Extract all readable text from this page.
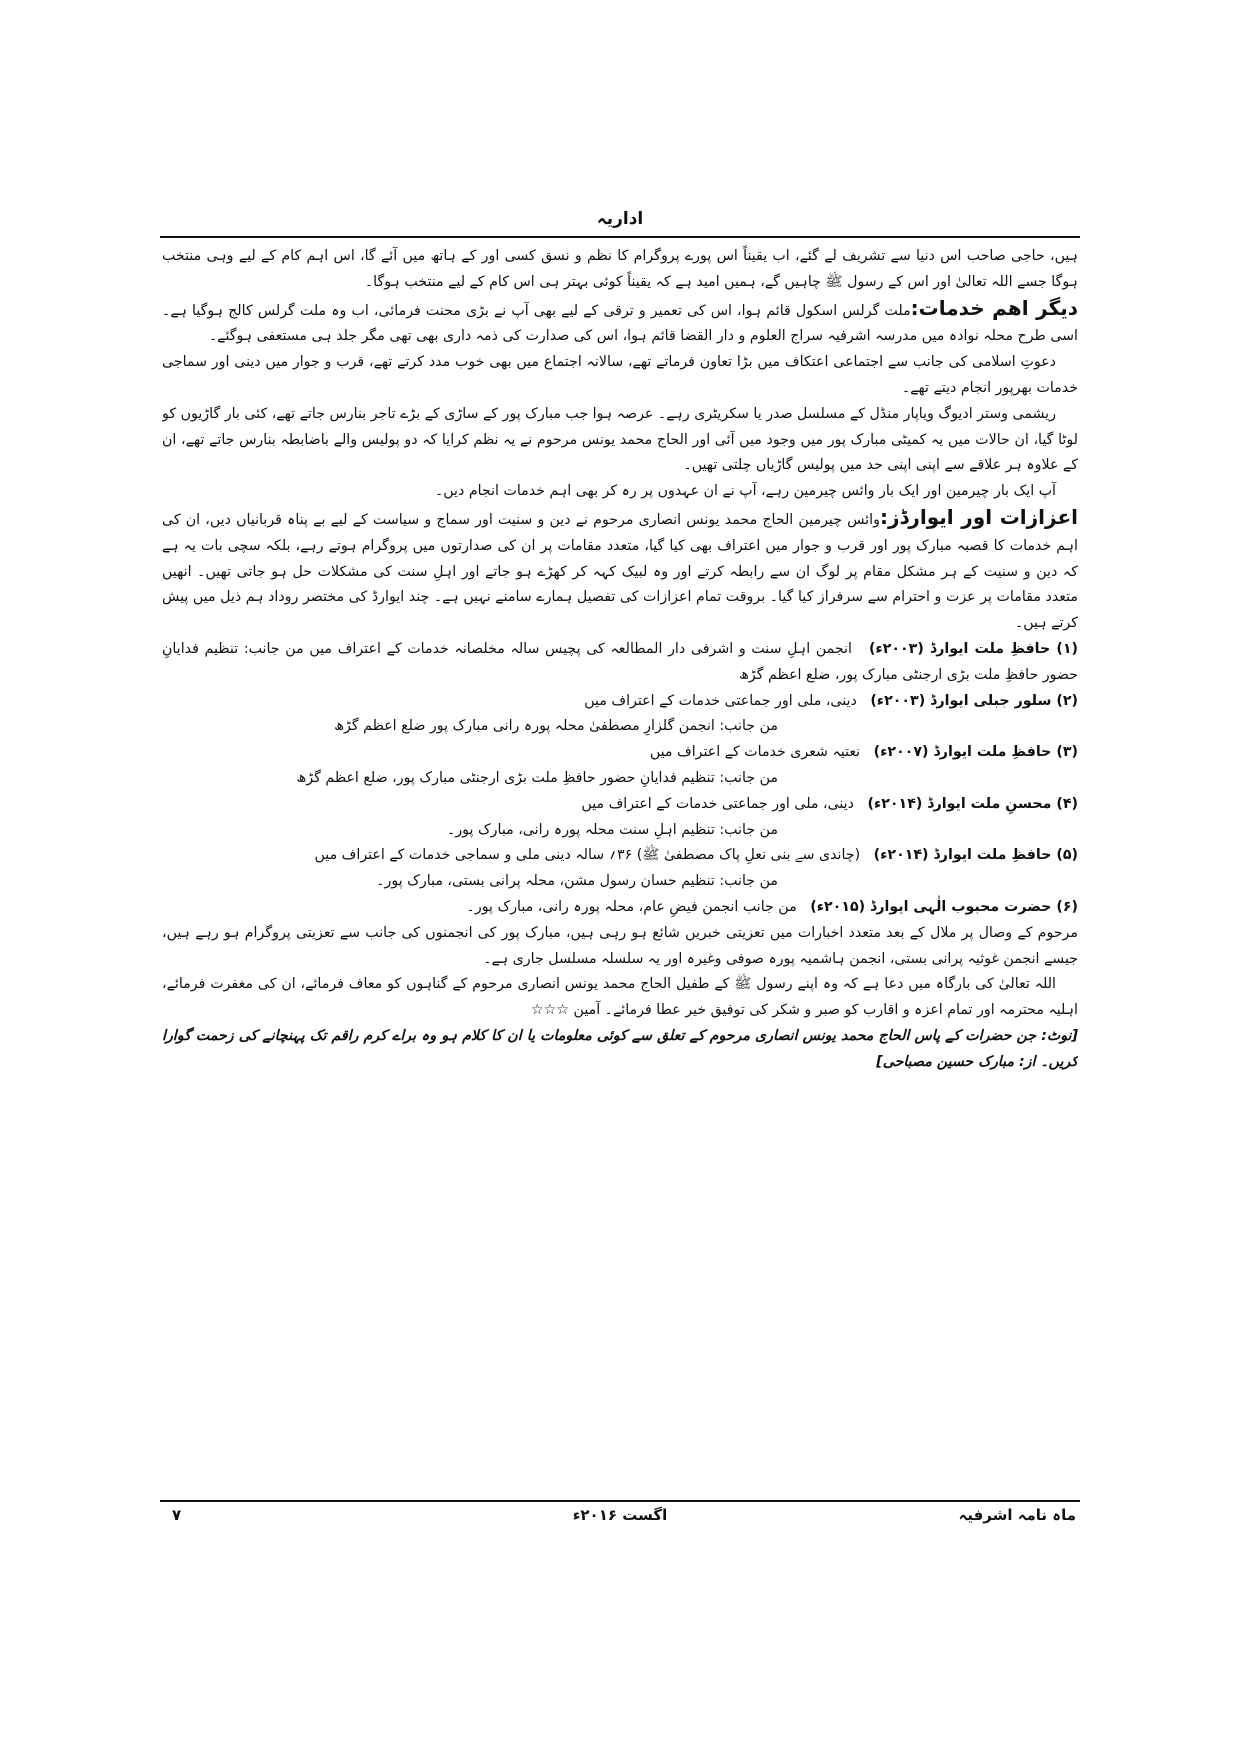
اداریہ

ہیں، حاجی صاحب اس دنیا سے تشریف لے گئے، اب یقیناً اس پورے پروگرام کا نظم و نسق کسی اور کے ہاتھ میں آئے گا، اس اہم کام کے لیے وہی منتخب ہوگا جسے اللہ تعالیٰ اور اس کے رسول ﷺ چاہیں گے، ہمیں امید ہے کہ یقیناً کوئی بہتر ہی اس کام کے لیے منتخب ہوگا۔

دیگر اهم خدمات:ملت گرلس اسکول قائم ہوا، اس کی تعمیر و ترقی کے لیے بھی آپ نے بڑی محنت فرمائی، اب وہ ملت گرلس کالج ہوگیا ہے۔ اسی طرح محلہ نوادہ میں مدرسہ اشرفیہ سراج العلوم و دار القضا قائم ہوا، اس کی صدارت کی ذمہ داری بھی تھی مگر جلد ہی مستعفی ہوگئے۔

دعوتِ اسلامی کی جانب سے اجتماعی اعتکاف میں بڑا تعاون فرماتے تھے، سالانہ اجتماع میں بھی خوب مدد کرتے تھے، قرب و جوار میں دینی اور سماجی خدمات بھرپور انجام دیتے تھے۔

ریشمی وستر ادیوگ ویاپار منڈل کے مسلسل صدر یا سکریٹری رہے۔ عرصہ ہوا جب مبارک پور کے ساڑی کے بڑے تاجر بنارس جاتے تھے، کئی بار گاڑیوں کو لوٹا گیا، ان حالات میں یہ کمیٹی مبارک پور میں وجود میں آئی اور الحاج محمد یونس مرحوم نے یہ نظم کرایا کہ دو پولیس والے باضابطہ بنارس جاتے تھے، ان کے علاوہ ہر علاقے سے اپنی اپنی حد میں پولیس گاڑیاں چلتی تھیں۔

آپ ایک بار چیرمین اور ایک بار وائس چیرمین رہے، آپ نے ان عہدوں پر رہ کر بھی اہم خدمات انجام دیں۔

اعزازات اور ایوارڈز:وائس چیرمین الحاج محمد یونس انصاری مرحوم نے دین و سنیت اور سماج و سیاست کے لیے بے پناہ قربانیاں دیں، ان کی اہم خدمات کا قصبہ مبارک پور اور قرب و جوار میں اعتراف بھی کیا گیا، متعدد مقامات پر ان کی صدارتوں میں پروگرام ہوتے رہے، بلکہ سچی بات یہ ہے کہ دین و سنیت کے ہر مشکل مقام پر لوگ ان سے رابطہ کرتے اور وہ لبیک کہہ کر کھڑے ہو جاتے اور اہلِ سنت کی مشکلات حل ہو جاتی تھیں۔ انھیں متعدد مقامات پر عزت و احترام سے سرفراز کیا گیا۔ بروقت تمام اعزازات کی تفصیل ہمارے سامنے نہیں ہے۔ چند ایوارڈ کی مختصر روداد ہم ذیل میں پیش کرتے ہیں۔

(۱) حافظِ ملت ایوارڈ (۲۰۰۳ء)   انجمن اہلِ سنت و اشرفی دار المطالعہ کی پچیس سالہ مخلصانہ خدمات کے اعتراف میں من جانب: تنظیم فدایانِ حضور حافظِ ملت بڑی ارجنٹی مبارک پور، ضلع اعظم گڑھ

(۲) سلور جبلی ایوارڈ (۲۰۰۳ء)   دینی، ملی اور جماعتی خدمات کے اعتراف میں

من جانب: انجمن گلزارِ مصطفیٰ محلہ پورہ رانی مبارک پور ضلع اعظم گڑھ

(۳) حافظِ ملت ایوارڈ (۲۰۰۷ء)   نعتیہ شعری خدمات کے اعتراف میں

من جانب: تنظیم فدایانِ حضور حافظِ ملت بڑی ارجنٹی مبارک پور، ضلع اعظم گڑھ

(۴) محسنِ ملت ایوارڈ (۲۰۱۴ء)   دینی، ملی اور جماعتی خدمات کے اعتراف میں

من جانب: تنظیم اہلِ سنت محلہ پورہ رانی، مبارک پور۔

(۵) حافظِ ملت ایوارڈ (۲۰۱۴ء)   (چاندی سے بنی نعلِ پاک مصطفیٰ ﷺ) ۳۶؍ سالہ دینی ملی و سماجی خدمات کے اعتراف میں

من جانب: تنظیم حسان رسول مشن، محلہ پرانی بستی، مبارک پور۔

(۶) حضرت محبوب الٰہی ایوارڈ (۲۰۱۵ء)   من جانب انجمن فیضِ عام، محلہ پورہ رانی، مبارک پور۔

مرحوم کے وصال پر ملال کے بعد متعدد اخبارات میں تعزیتی خبریں شائع ہو رہی ہیں، مبارک پور کی انجمنوں کی جانب سے تعزیتی پروگرام ہو رہے ہیں، جیسے انجمن غوثیہ پرانی بستی، انجمن ہاشمیہ پورہ صوفی وغیرہ اور یہ سلسلہ مسلسل جاری ہے۔

اللہ تعالیٰ کی بارگاہ میں دعا ہے کہ وہ اپنے رسول ﷺ کے طفیل الحاج محمد یونس انصاری مرحوم کے گناہوں کو معاف فرمائے، ان کی مغفرت فرمائے، اہلیہ محترمہ اور تمام اعزہ و اقارب کو صبر و شکر کی توفیق خیر عطا فرمائے۔ آمین ☆☆☆

[نوٹ: جن حضرات کے پاس الحاج محمد یونس انصاری مرحوم کے تعلق سے کوئی معلومات یا ان کا کلام ہو وہ براے کرم راقم تک پہنچانے کی زحمت گوارا کریں۔ از: مبارک حسین مصباحی]

ماہ نامہ اشرفیہ
اگست ۲۰۱۶ء
۷
